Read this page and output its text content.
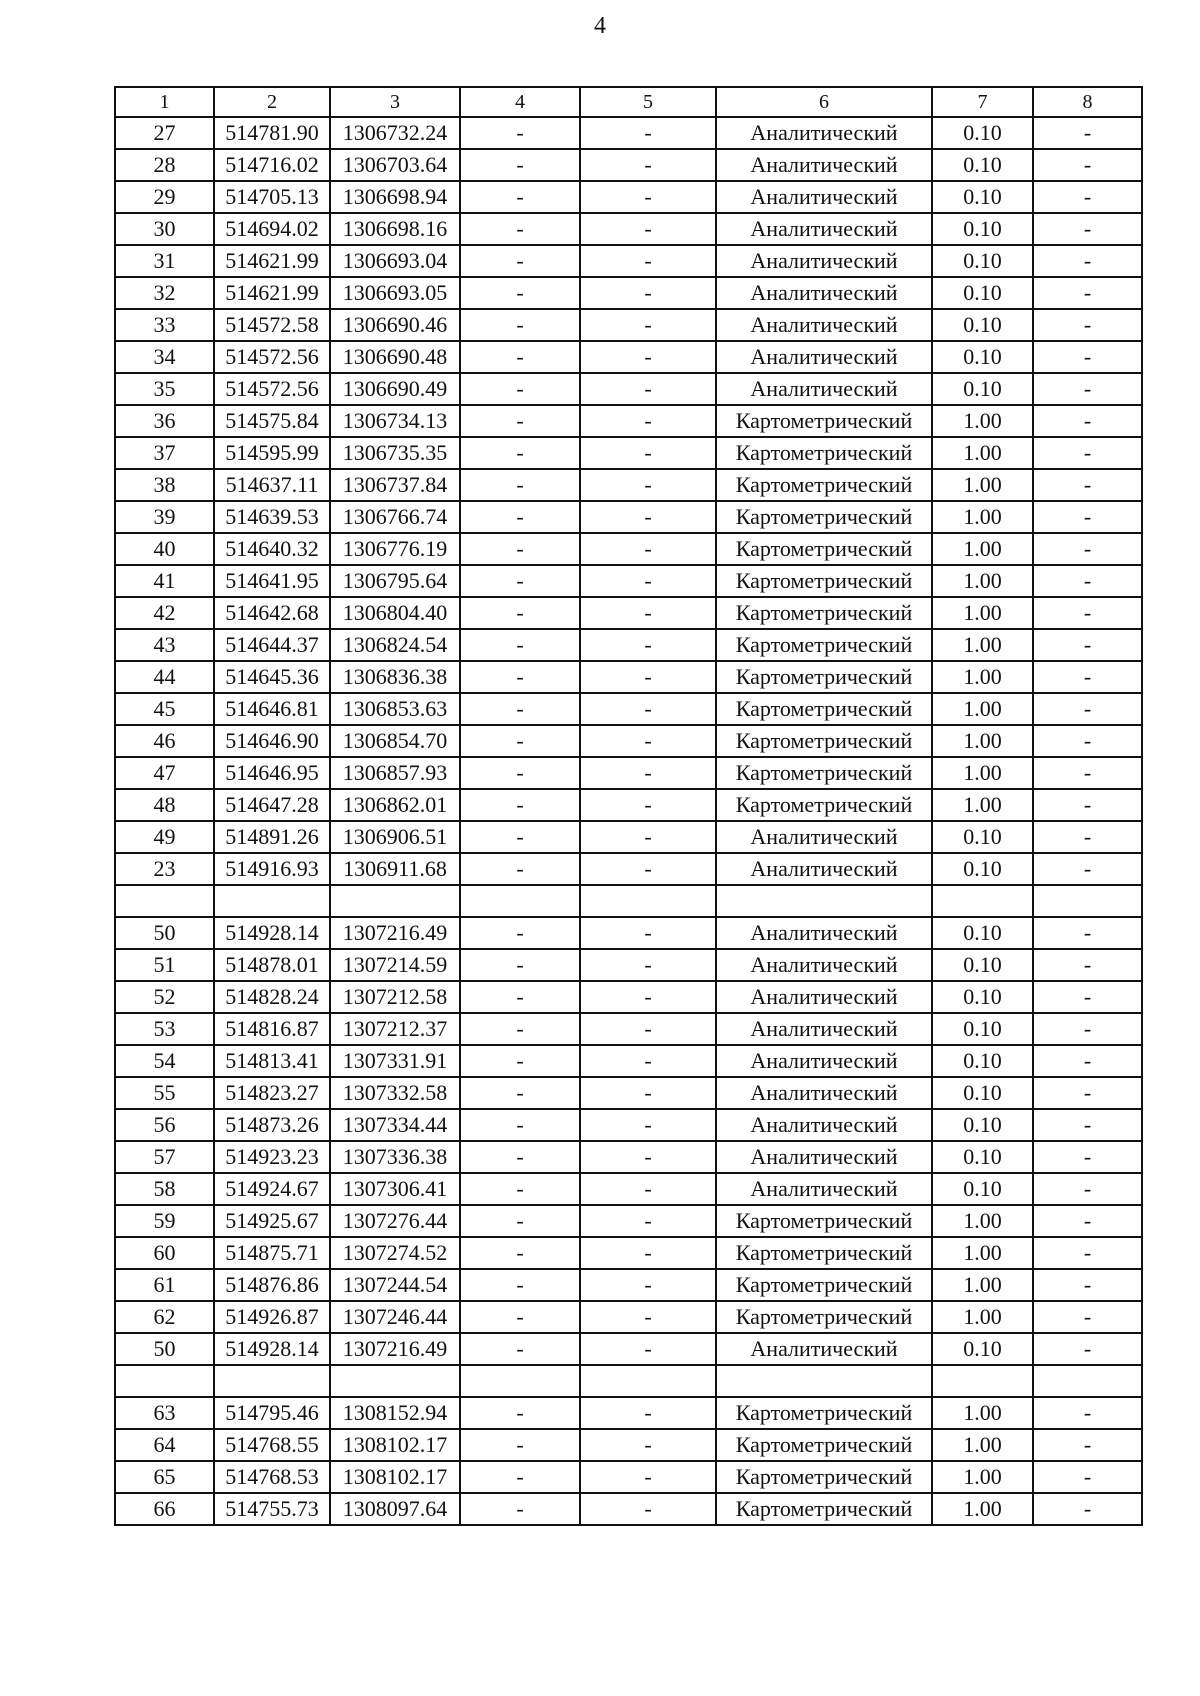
4
1	2	3	4	5	6	7	8
27	514781.90	1306732.24	-	-	Аналитический	0.10	-
28	514716.02	1306703.64	-	-	Аналитический	0.10	-
29	514705.13	1306698.94	-	-	Аналитический	0.10	-
30	514694.02	1306698.16	-	-	Аналитический	0.10	-
31	514621.99	1306693.04	-	-	Аналитический	0.10	-
32	514621.99	1306693.05	-	-	Аналитический	0.10	-
33	514572.58	1306690.46	-	-	Аналитический	0.10	-
34	514572.56	1306690.48	-	-	Аналитический	0.10	-
35	514572.56	1306690.49	-	-	Аналитический	0.10	-
36	514575.84	1306734.13	-	-	Картометрический	1.00	-
37	514595.99	1306735.35	-	-	Картометрический	1.00	-
38	514637.11	1306737.84	-	-	Картометрический	1.00	-
39	514639.53	1306766.74	-	-	Картометрический	1.00	-
40	514640.32	1306776.19	-	-	Картометрический	1.00	-
41	514641.95	1306795.64	-	-	Картометрический	1.00	-
42	514642.68	1306804.40	-	-	Картометрический	1.00	-
43	514644.37	1306824.54	-	-	Картометрический	1.00	-
44	514645.36	1306836.38	-	-	Картометрический	1.00	-
45	514646.81	1306853.63	-	-	Картометрический	1.00	-
46	514646.90	1306854.70	-	-	Картометрический	1.00	-
47	514646.95	1306857.93	-	-	Картометрический	1.00	-
48	514647.28	1306862.01	-	-	Картометрический	1.00	-
49	514891.26	1306906.51	-	-	Аналитический	0.10	-
23	514916.93	1306911.68	-	-	Аналитический	0.10	-

50	514928.14	1307216.49	-	-	Аналитический	0.10	-
51	514878.01	1307214.59	-	-	Аналитический	0.10	-
52	514828.24	1307212.58	-	-	Аналитический	0.10	-
53	514816.87	1307212.37	-	-	Аналитический	0.10	-
54	514813.41	1307331.91	-	-	Аналитический	0.10	-
55	514823.27	1307332.58	-	-	Аналитический	0.10	-
56	514873.26	1307334.44	-	-	Аналитический	0.10	-
57	514923.23	1307336.38	-	-	Аналитический	0.10	-
58	514924.67	1307306.41	-	-	Аналитический	0.10	-
59	514925.67	1307276.44	-	-	Картометрический	1.00	-
60	514875.71	1307274.52	-	-	Картометрический	1.00	-
61	514876.86	1307244.54	-	-	Картометрический	1.00	-
62	514926.87	1307246.44	-	-	Картометрический	1.00	-
50	514928.14	1307216.49	-	-	Аналитический	0.10	-

63	514795.46	1308152.94	-	-	Картометрический	1.00	-
64	514768.55	1308102.17	-	-	Картометрический	1.00	-
65	514768.53	1308102.17	-	-	Картометрический	1.00	-
66	514755.73	1308097.64	-	-	Картометрический	1.00	-
